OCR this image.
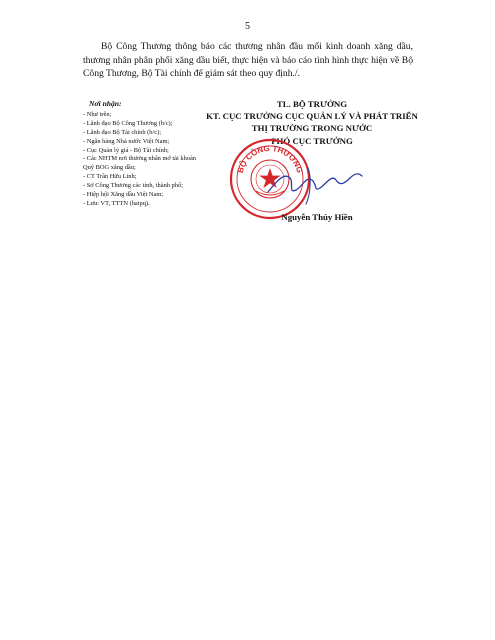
5
Bộ Công Thương thông báo các thương nhân đầu mối kinh doanh xăng dầu, thương nhân phân phối xăng dầu biết, thực hiện và báo cáo tình hình thực hiện về Bộ Công Thương, Bộ Tài chính để giám sát theo quy định./.
Nơi nhận:
- Như trên;
- Lãnh đạo Bộ Công Thương (b/c);
- Lãnh đạo Bộ Tài chính (b/c);
- Ngân hàng Nhà nước Việt Nam;
- Cục Quản lý giá - Bộ Tài chính;
- Các NHTM nơi thương nhân mở tài khoản Quỹ BOG xăng dầu;
- CT Trần Hữu Linh;
- Sở Công Thương các tỉnh, thành phố;
- Hiệp hội Xăng dầu Việt Nam;
- Lưu: VT, TTTN (haipq).
TL. BỘ TRƯỞNG
KT. CỤC TRƯỞNG CỤC QUẢN LÝ VÀ PHÁT TRIỂN
THỊ TRƯỜNG TRONG NƯỚC
PHÓ CỤC TRƯỞNG
BỘ CÔNG THƯƠNG
Nguyễn Thúy Hiền
